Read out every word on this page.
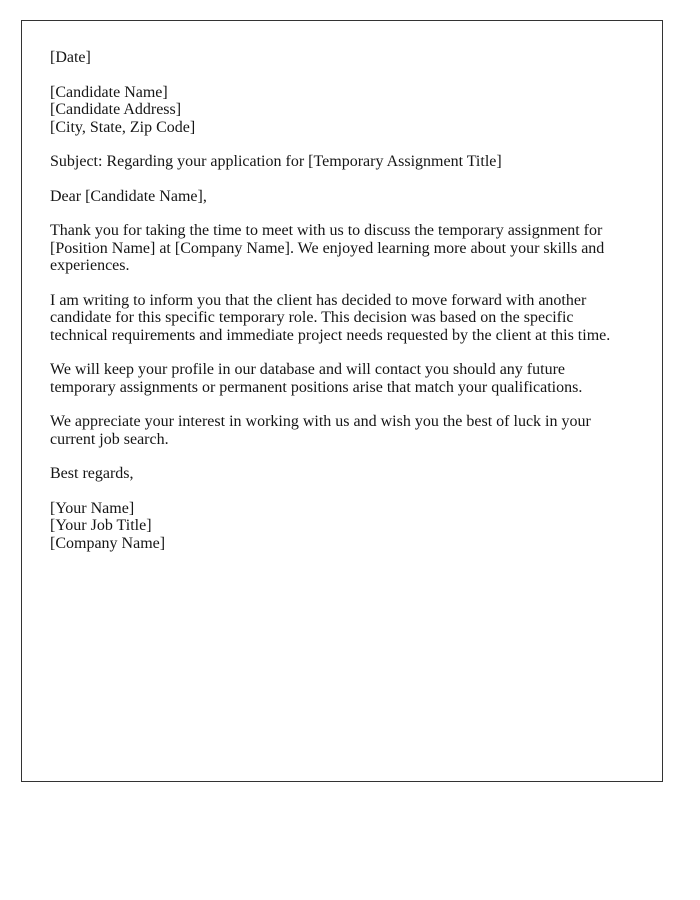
[Date]
[Candidate Name]
[Candidate Address]
[City, State, Zip Code]
Subject: Regarding your application for [Temporary Assignment Title]
Dear [Candidate Name],
Thank you for taking the time to meet with us to discuss the temporary assignment for [Position Name] at [Company Name]. We enjoyed learning more about your skills and experiences.
I am writing to inform you that the client has decided to move forward with another candidate for this specific temporary role. This decision was based on the specific technical requirements and immediate project needs requested by the client at this time.
We will keep your profile in our database and will contact you should any future temporary assignments or permanent positions arise that match your qualifications.
We appreciate your interest in working with us and wish you the best of luck in your current job search.
Best regards,
[Your Name]
[Your Job Title]
[Company Name]
